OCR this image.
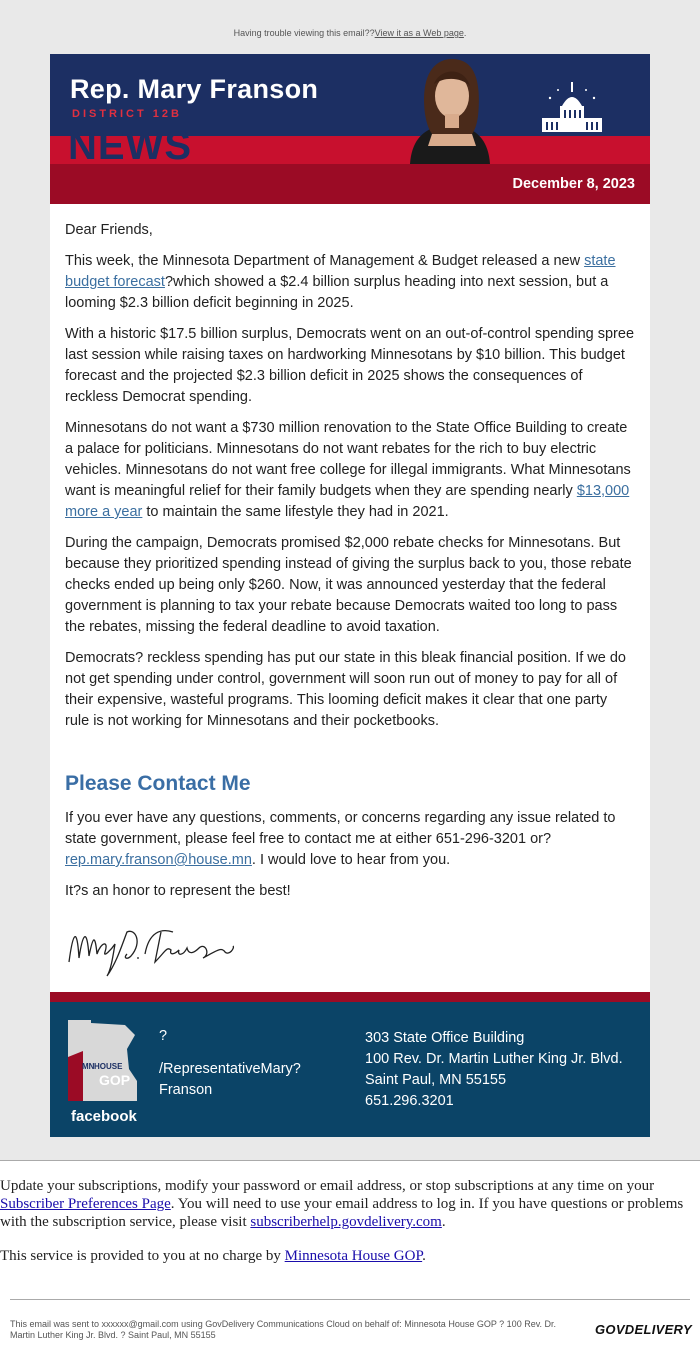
Having trouble viewing this email??View it as a Web page.
NEWS
Rep. Mary Franson
DISTRICT 12B
December 8, 2023

Dear Friends,

This week, the Minnesota Department of Management & Budget released a new state budget forecast?which showed a $2.4 billion surplus heading into next session, but a looming $2.3 billion deficit beginning in 2025.

With a historic $17.5 billion surplus, Democrats went on an out-of-control spending spree last session while raising taxes on hardworking Minnesotans by $10 billion. This budget forecast and the projected $2.3 billion deficit in 2025 shows the consequences of reckless Democrat spending.

Minnesotans do not want a $730 million renovation to the State Office Building to create a palace for politicians. Minnesotans do not want rebates for the rich to buy electric vehicles. Minnesotans do not want free college for illegal immigrants. What Minnesotans want is meaningful relief for their family budgets when they are spending nearly $13,000 more a year to maintain the same lifestyle they had in 2021.

During the campaign, Democrats promised $2,000 rebate checks for Minnesotans. But because they prioritized spending instead of giving the surplus back to you, those rebate checks ended up being only $260. Now, it was announced yesterday that the federal government is planning to tax your rebate because Democrats waited too long to pass the rebates, missing the federal deadline to avoid taxation.

Democrats? reckless spending has put our state in this bleak financial position. If we do not get spending under control, government will soon run out of money to pay for all of their expensive, wasteful programs. This looming deficit makes it clear that one party rule is not working for Minnesotans and their pocketbooks.

Please Contact Me

If you ever have any questions, comments, or concerns regarding any issue related to state government, please feel free to contact me at either 651-296-3201 or? rep.mary.franson@house.mn. I would love to hear from you.

It?s an honor to represent the best!

MN HOUSE
GOP
facebook
?
/RepresentativeMary?Franson
303 State Office Building
100 Rev. Dr. Martin Luther King Jr. Blvd.
Saint Paul, MN 55155
651.296.3201

Update your subscriptions, modify your password or email address, or stop subscriptions at any time on your Subscriber Preferences Page. You will need to use your email address to log in. If you have questions or problems with the subscription service, please visit subscriberhelp.govdelivery.com.

This service is provided to you at no charge by Minnesota House GOP.

This email was sent to xxxxxx@gmail.com using GovDelivery Communications Cloud on behalf of: Minnesota House GOP ? 100 Rev. Dr. Martin Luther King Jr. Blvd. ? Saint Paul, MN 55155	GOVDELIVERY
